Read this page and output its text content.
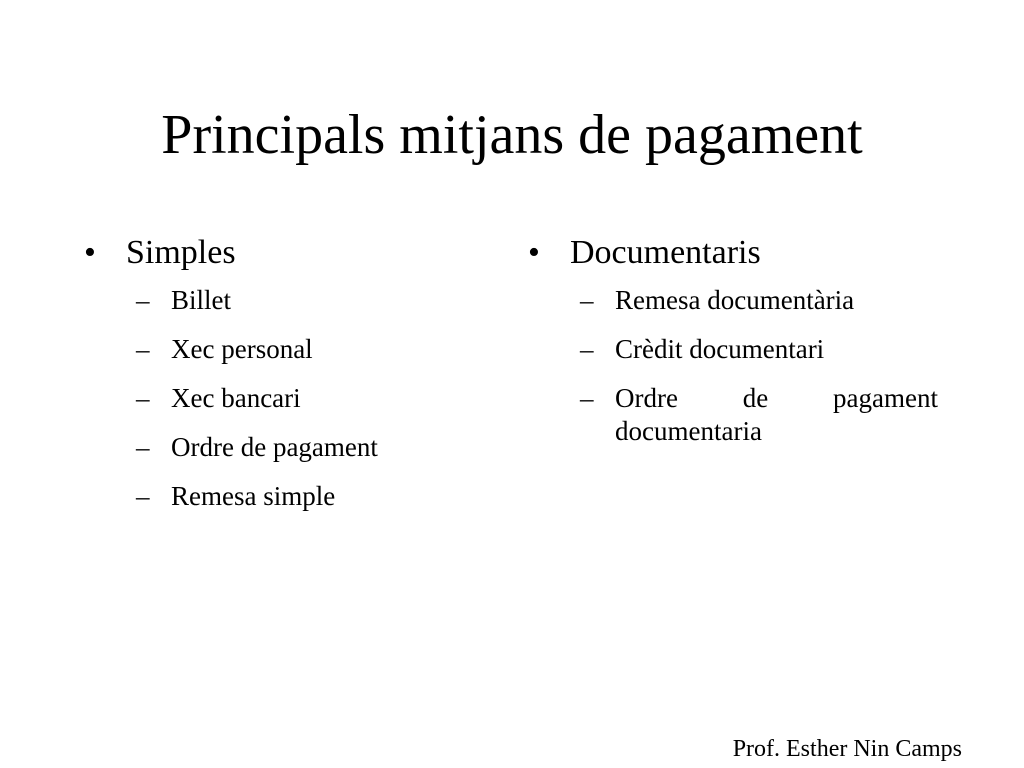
Principals mitjans de pagament
• Simples
– Billet
– Xec personal
– Xec bancari
– Ordre de pagament
– Remesa simple
• Documentaris
– Remesa documentària
– Crèdit documentari
– Ordre de pagament
documentaria
Prof. Esther Nin Camps
